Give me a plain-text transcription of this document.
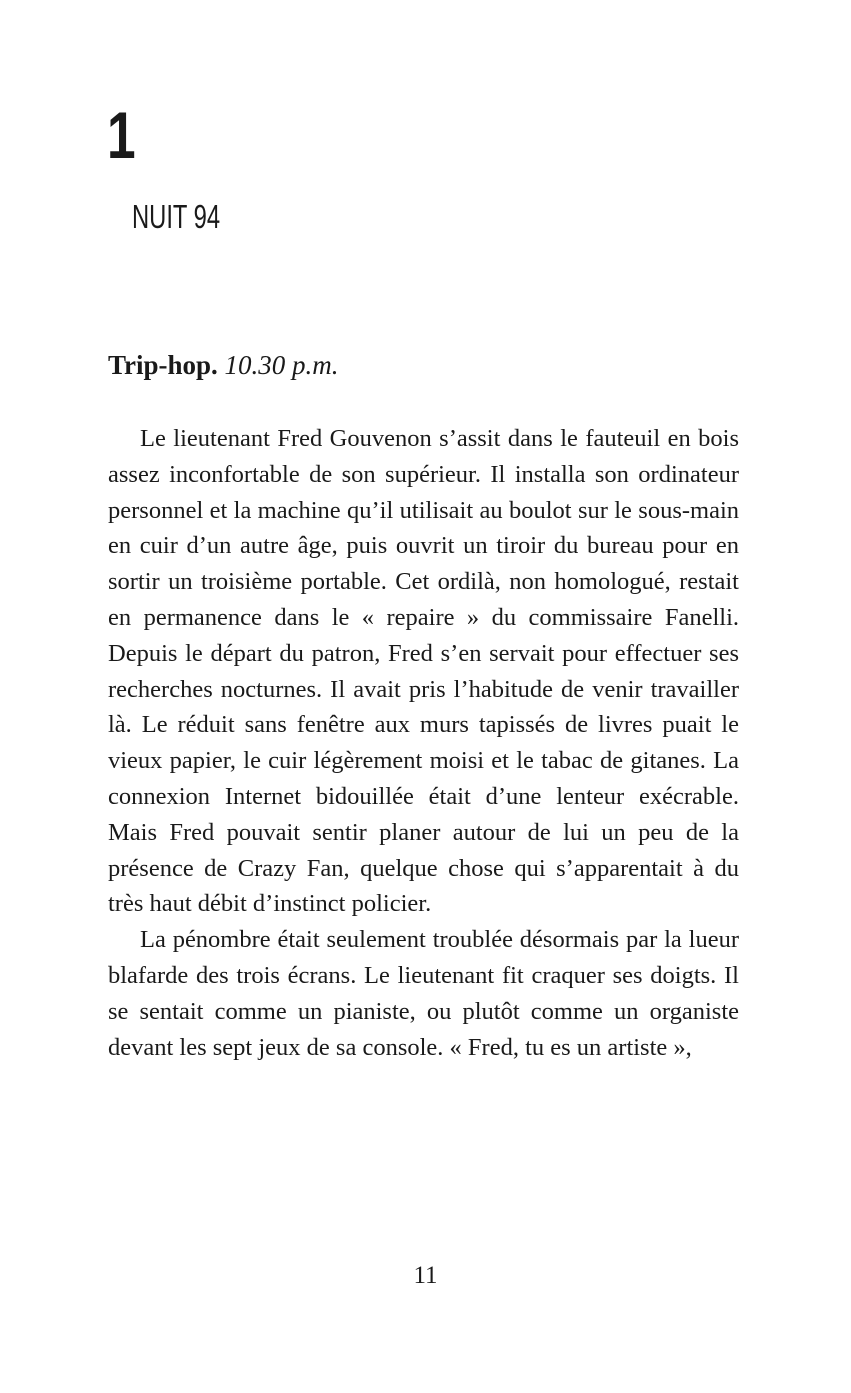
1
NUIT 94
Trip-hop. 10.30 p.m.

Le lieutenant Fred Gouvenon s’assit dans le fauteuil en bois assez inconfortable de son supérieur. Il installa son ordinateur personnel et la machine qu’il utilisait au boulot sur le sous-main en cuir d’un autre âge, puis ouvrit un tiroir du bureau pour en sortir un troisième portable. Cet ordilà, non homologué, restait en permanence dans le « repaire » du commissaire Fanelli. Depuis le départ du patron, Fred s’en servait pour effectuer ses recherches nocturnes. Il avait pris l’habitude de venir travailler là. Le réduit sans fenêtre aux murs tapissés de livres puait le vieux papier, le cuir légèrement moisi et le tabac de gitanes. La connexion Internet bidouillée était d’une lenteur exécrable. Mais Fred pouvait sentir planer autour de lui un peu de la présence de Crazy Fan, quelque chose qui s’apparentait à du très haut débit d’instinct policier.

La pénombre était seulement troublée désormais par la lueur blafarde des trois écrans. Le lieutenant fit craquer ses doigts. Il se sentait comme un pianiste, ou plutôt comme un organiste devant les sept jeux de sa console. « Fred, tu es un artiste »,

11
